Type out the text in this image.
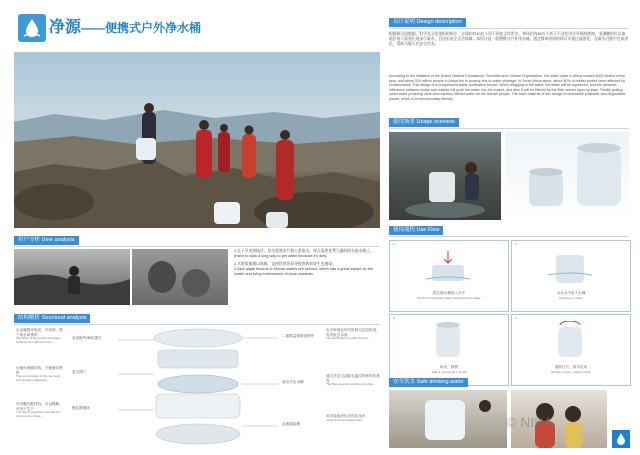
净源——便携式户外净水桶	设计说明 Design description
根据联合国数据，科学及文化组织的统计，全球约有40亿人用不到安全饮用水，每年约有80万人死于不洁饮用水导致的疾病。非洲撒哈拉以南地区的人需要长途步行取水，且用水安全无法保障。本设计是一款便携式户外净水桶，通过简单的结构即可实现过滤净化，在取水过程中完成净化，帮助当地人民安全饮水。
According to the statistics of the United Nations Educational, Scientific and Cultural Organization, the water crisis in Africa causes 6000 deaths every year, and about 300 million people in Africa live in poverty due to water shortage. In South Africa alone, about 40% of rubber bottles were affected by contaminants. This design is a compressed water purification bucket. When dragging in the water, the water will be squeezed, and the pressure difference between inside and outside will push the water into the bucket, and then it will be filtered by the filter screen layer by layer. Finally getting clean water providing clean and sanitary filtered water for the African people. The main material of this design is renewable polylactic and degradable plastic, which is environmentally friendly.
使用场景 Usage scenario
用户分析 User analysis
1.在干旱炎热地区，居民需要步行数公里取水，每天需要花费大量时间在取水路上。
(Have to walk a long way to get water because it's dirty.
2.水源质量难以保障，直接饮用容易导致疾病和寄生虫感染。
2.Blue algae blooms in African waters are serious, which has a great impact on the health and living environment of local residents.
使用流程 Use Flow
1
将压缩水桶放入水中
Put the compressed water bucket into the water
2
水从水中进入水桶
Dumping in water
3
取出，静置
Take it out and let it sit still
4
旋转打开，即可饮用
Rotate to open, ready to drink
结构解析 Structural analysis
由金属提环组成，可拆卸，便于取水和携带
The body of the bucket and water collection is made from the...
压缩可伸缩结构，方便储存携带
The compression of the cup body and as safe a pleasure...
采用聚乳酸材料，可以降解，可用于生产
The use of polylactic material can improve the stress...
食品级PVB/软提手
复合网门
聚乳酸桶体
二重重量物增加程序
流出式出水槽
滤液盛装桶
由多种颜色的可拆卸过滤层组成，有效除去杂质
The purification of water can be...
通过多层过滤除去悬浮物和有机物等
The filter element consists of a fiber...
用来装载净化后的饮用水
Used to store treated water...
安全饮水 Safe drinking water
© NIKA
